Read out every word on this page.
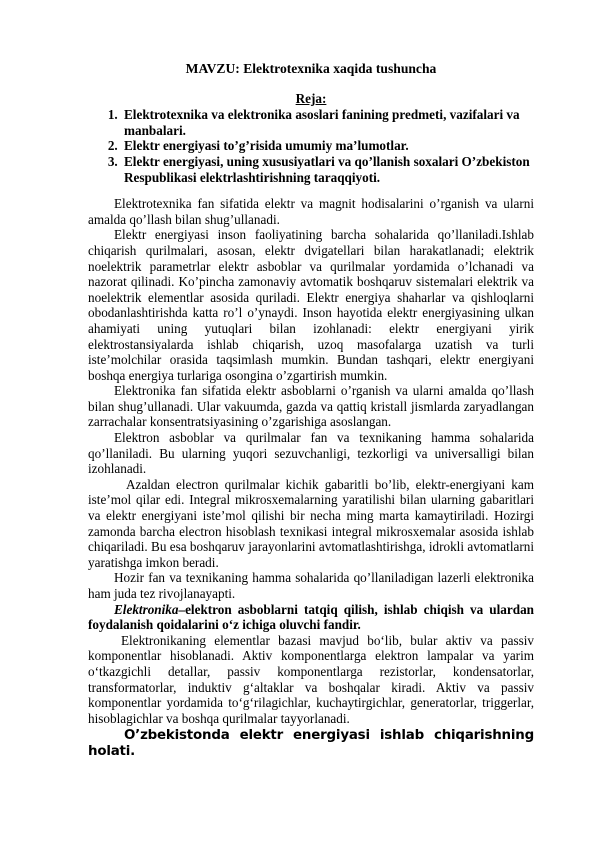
MAVZU: Elektrotexnika xaqida tushuncha

Reja:

1. Elektrotexnika va elektronika asoslari fanining predmeti, vazifalari va manbalari.
2. Elektr energiyasi to’g’risida umumiy ma’lumotlar.
3. Elektr energiyasi, uning xususiyatlari va qo’llanish soxalari O’zbekiston Respublikasi elektrlashtirishning taraqqiyoti.

Elektrotexnika fan sifatida elektr va magnit hodisalarini o’rganish va ularni amalda qo’llash bilan shug’ullanadi.

Elektr energiyasi inson faoliyatining barcha sohalarida qo’llaniladi.Ishlab chiqarish qurilmalari, asosan, elektr dvigatellari bilan harakatlanadi; elektrik noelektrik parametrlar elektr asboblar va qurilmalar yordamida o’lchanadi va nazorat qilinadi. Ko’pincha zamonaviy avtomatik boshqaruv sistemalari elektrik va noelektrik elementlar asosida quriladi. Elektr energiya shaharlar va qishloqlarni obodanlashtirishda katta ro’l o’ynaydi. Inson hayotida elektr energiyasining ulkan ahamiyati uning yutuqlari bilan izohlanadi: elektr energiyani yirik elektrostansiyalarda ishlab chiqarish, uzoq masofalarga uzatish va turli iste’molchilar orasida taqsimlash mumkin. Bundan tashqari, elektr energiyani boshqa energiya turlariga osongina o’zgartirish mumkin.

Elektronika fan sifatida elektr asboblarni o’rganish va ularni amalda qo’llash bilan shug’ullanadi. Ular vakuumda, gazda va qattiq kristall jismlarda zaryadlangan zarrachalar konsentratsiyasining o’zgarishiga asoslangan.

Elektron asboblar va qurilmalar fan va texnikaning hamma sohalarida qo’llaniladi. Bu ularning yuqori sezuvchanligi, tezkorligi va universalligi bilan izohlanadi.

Azaldan electron qurilmalar kichik gabaritli bo’lib, elektr-energiyani kam iste’mol qilar edi. Integral mikrosxemalarning yaratilishi bilan ularning gabaritlari va elektr energiyani iste’mol qilishi bir necha ming marta kamaytiriladi. Hozirgi zamonda barcha electron hisoblash texnikasi integral mikrosxemalar asosida ishlab chiqariladi. Bu esa boshqaruv jarayonlarini avtomatlashtirishga, idrokli avtomatlarni yaratishga imkon beradi.

Hozir fan va texnikaning hamma sohalarida qo’llaniladigan lazerli elektronika ham juda tez rivojlanayapti.

Elektronika–elektron asboblarni tatqiq qilish, ishlab chiqish va ulardan foydalanish qoidalarini o‘z ichiga oluvchi fandir.

Elektronikaning elementlar bazasi mavjud bo‘lib, bular aktiv va passiv komponentlar hisoblanadi. Aktiv komponentlarga elektron lampalar va yarim o‘tkazgichli detallar, passiv komponentlarga rezistorlar, kondensatorlar, transformatorlar, induktiv g‘altaklar va boshqalar kiradi. Aktiv va passiv komponentlar yordamida to‘g‘rilagichlar, kuchaytirgichlar, generatorlar, triggerlar, hisoblagichlar va boshqa qurilmalar tayyorlanadi.

O’zbekistonda elektr energiyasi ishlab chiqarishning holati.
